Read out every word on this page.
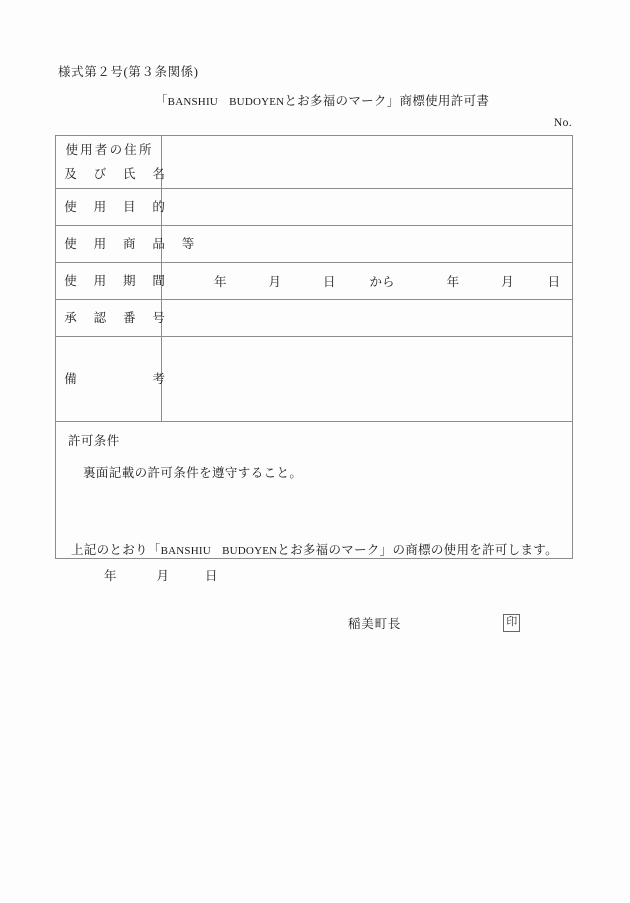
様式第２号(第３条関係)
「BANSHIU　BUDOYENとお多福のマーク」商標使用許可書
No.
使用者の住所
及　び　氏　名	

使　用　目　的	

使　用　商　品　等	

使　用　期　間	年 月 日 から 年 月 日

承　認　番　号	

備　　　　　考	

許可条件
裏面記載の許可条件を遵守すること。	
上記のとおり「BANSHIU　BUDOYENとお多福のマーク」の商標の使用を許可します。
年	月	日
稲美町長	印
